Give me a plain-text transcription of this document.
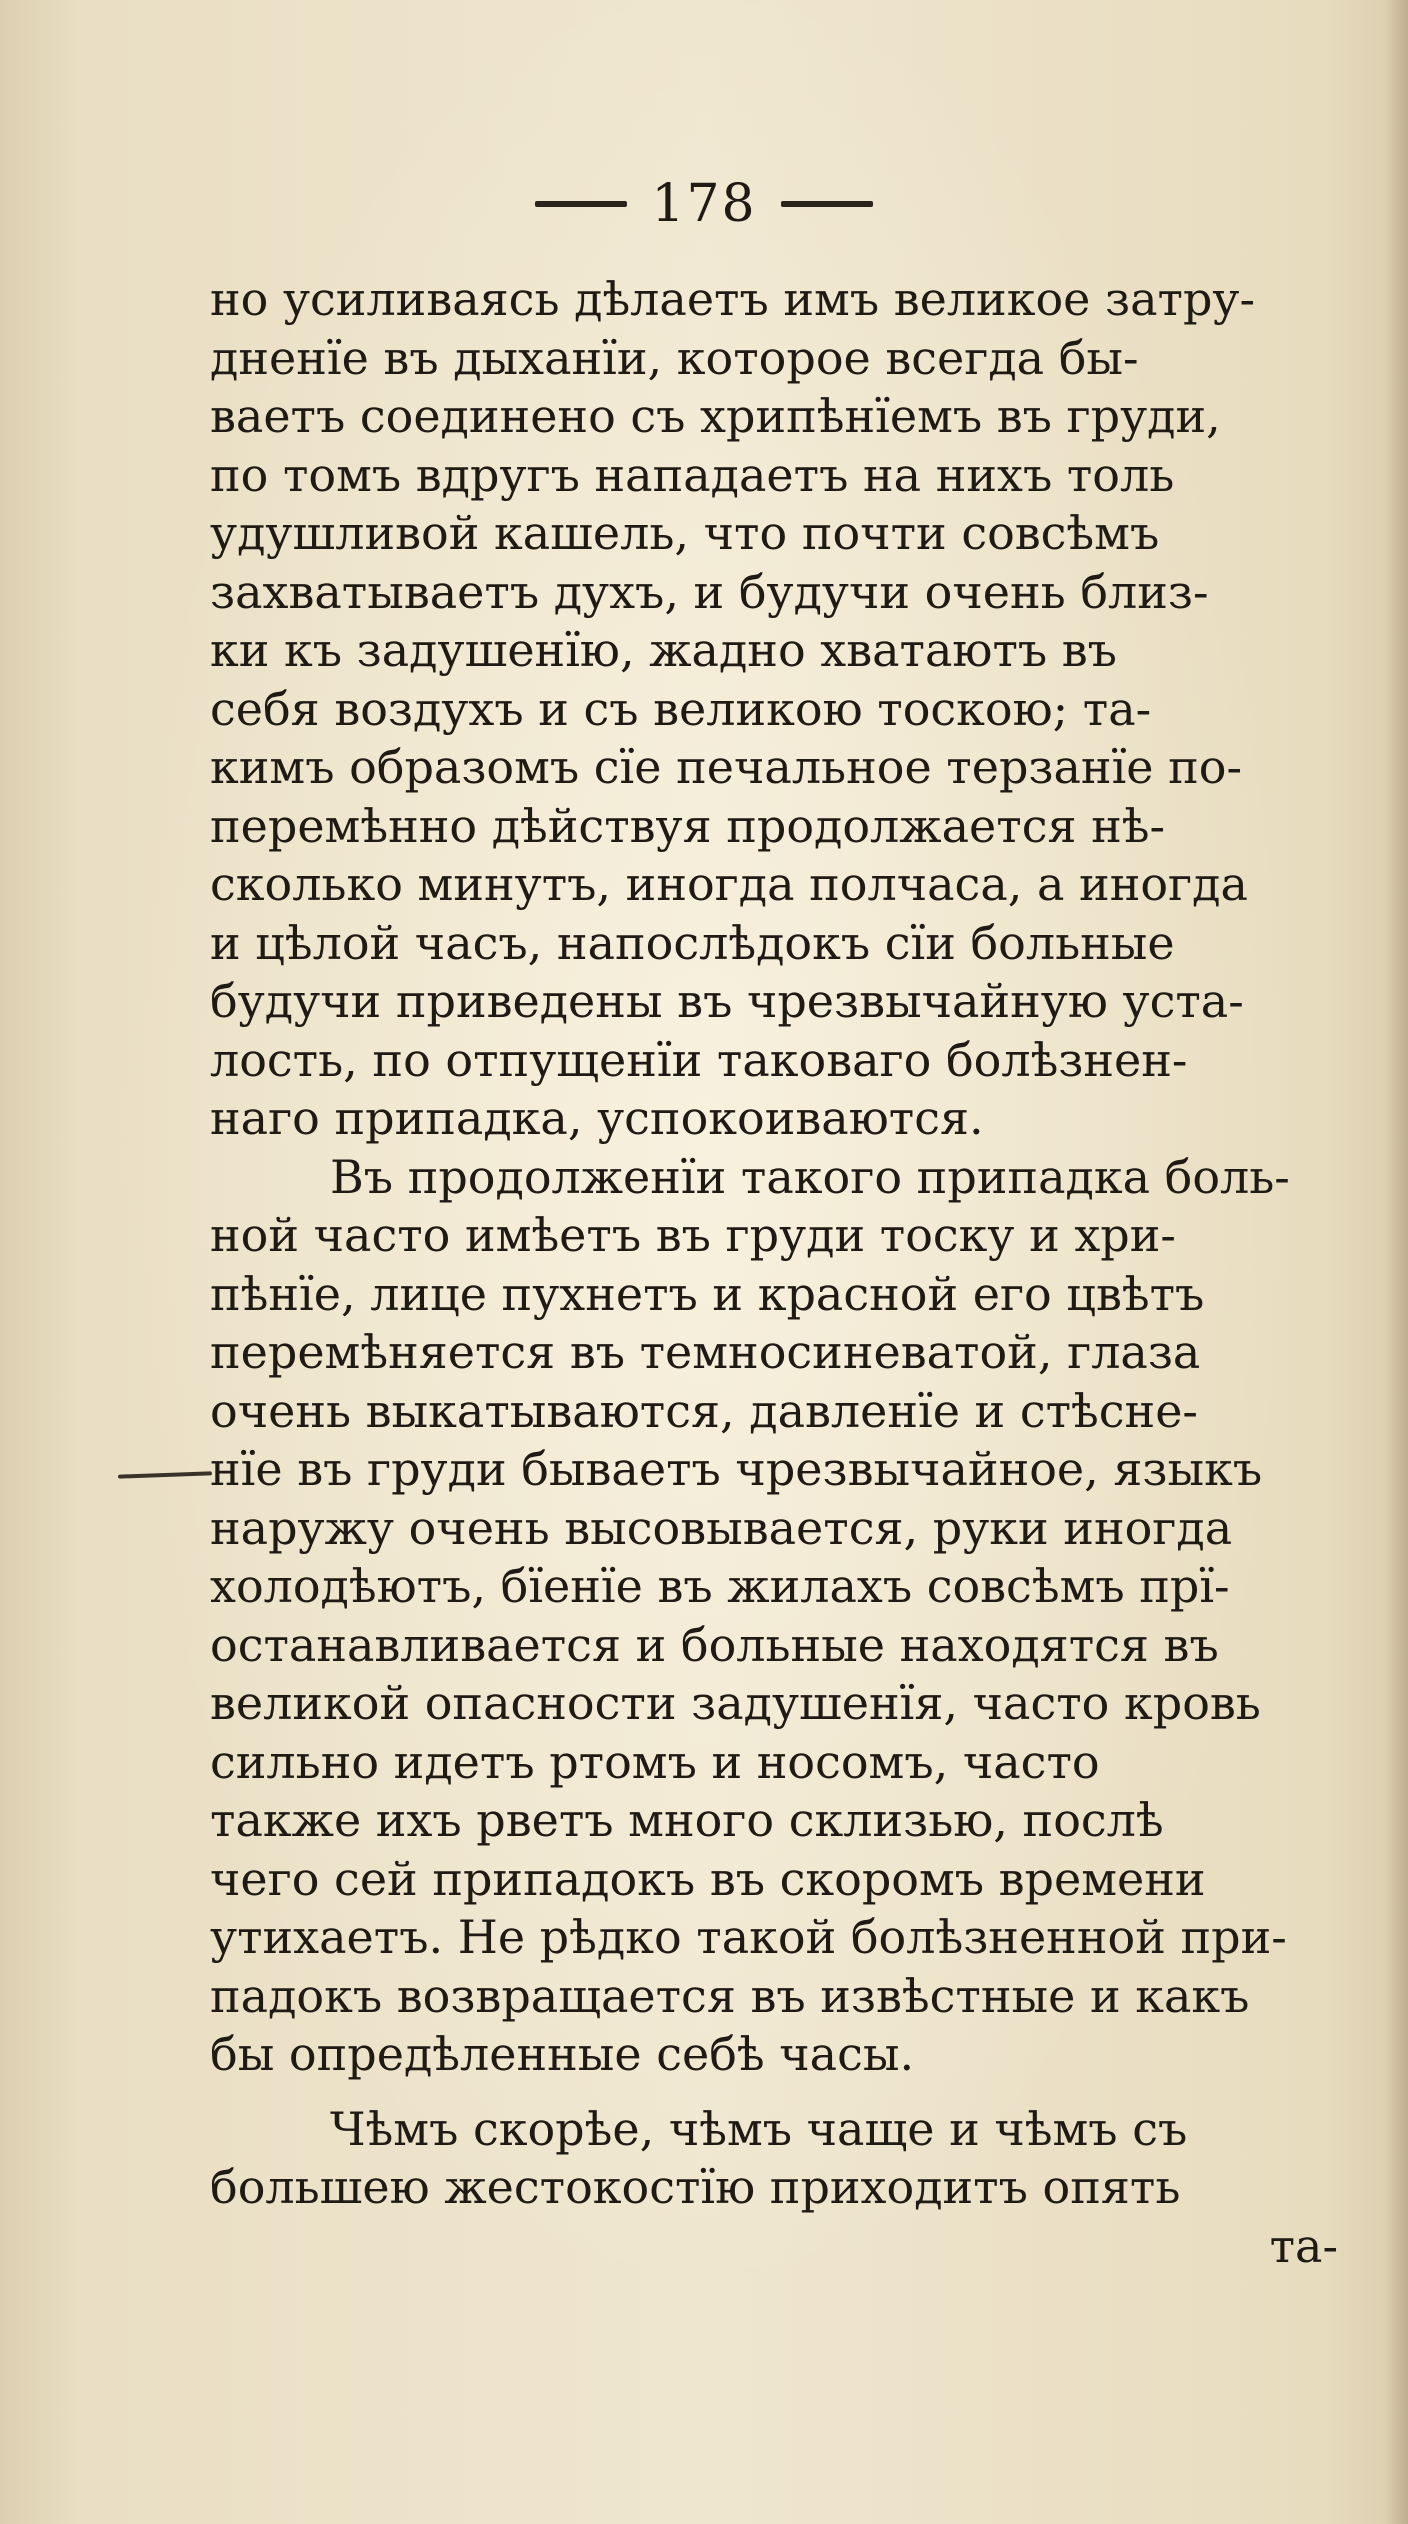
178
но усиливаясь дѣлаетъ имъ великое затру-
дненїе въ дыханїи, которое всегда бы-
ваетъ соединено съ хрипѣнїемъ въ груди,
по томъ вдругъ нападаетъ на нихъ толь
удушливой кашель, что почти совсѣмъ
захватываетъ духъ, и будучи очень близ-
ки къ задушенїю, жадно хватаютъ въ
себя воздухъ и съ великою тоскою; та-
кимъ образомъ сїе печальное терзанїе по-
перемѣнно дѣйствуя продолжается нѣ-
сколько минутъ, иногда полчаса, а иногда
и цѣлой часъ, напослѣдокъ сїи больные
будучи приведены въ чрезвычайную уста-
лость, по отпущенїи таковаго болѣзнен-
наго припадка, успокоиваются.
Въ продолженїи такого припадка боль-
ной часто имѣетъ въ груди тоску и хри-
пѣнїе, лице пухнетъ и красной его цвѣтъ
перемѣняется въ темносиневатой, глаза
очень выкатываются, давленїе и стѣсне-
нїе въ груди бываетъ чрезвычайное, языкъ
наружу очень высовывается, руки иногда
холодѣютъ, бїенїе въ жилахъ совсѣмъ прї-
останавливается и больные находятся въ
великой опасности задушенїя, часто кровь
сильно идетъ ртомъ и носомъ, часто
также ихъ рветъ много склизью, послѣ
чего сей припадокъ въ скоромъ времени
утихаетъ. Не рѣдко такой болѣзненной при-
падокъ возвращается въ извѣстные и какъ
бы опредѣленные себѣ часы.
Чѣмъ скорѣе, чѣмъ чаще и чѣмъ съ
большею жестокостїю приходитъ опять
та-
